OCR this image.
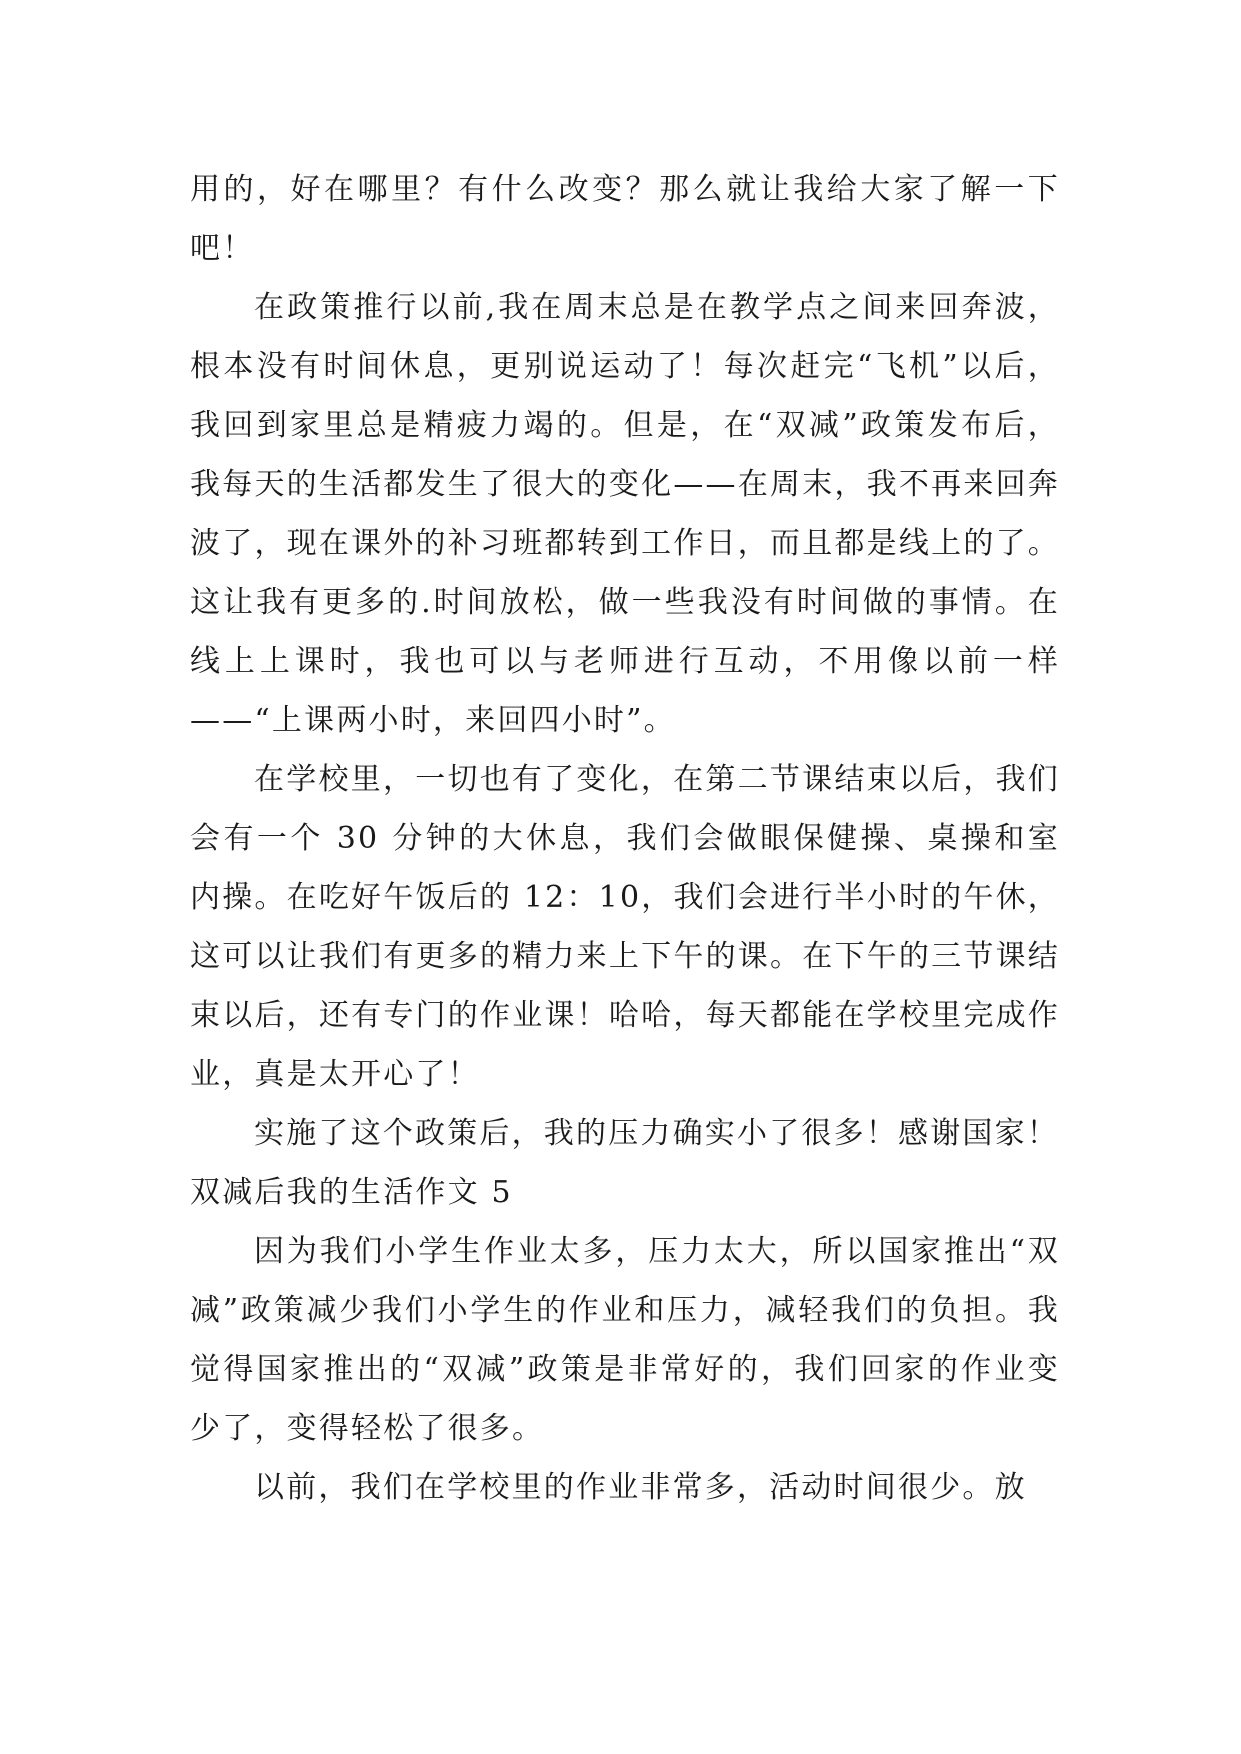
用的，好在哪里？有什么改变？那么就让我给大家了解一下吧！

在政策推行以前,我在周末总是在教学点之间来回奔波，根本没有时间休息，更别说运动了！每次赶完“飞机”以后，我回到家里总是精疲力竭的。但是，在“双减”政策发布后，我每天的生活都发生了很大的变化——在周末，我不再来回奔波了，现在课外的补习班都转到工作日，而且都是线上的了。这让我有更多的.时间放松，做一些我没有时间做的事情。在线上上课时，我也可以与老师进行互动，不用像以前一样——“上课两小时，来回四小时”。

在学校里，一切也有了变化，在第二节课结束以后，我们会有一个 30 分钟的大休息，我们会做眼保健操、桌操和室内操。在吃好午饭后的 12：10，我们会进行半小时的午休，这可以让我们有更多的精力来上下午的课。在下午的三节课结束以后，还有专门的作业课！哈哈，每天都能在学校里完成作业，真是太开心了！

实施了这个政策后，我的压力确实小了很多！感谢国家！

双减后我的生活作文 5

因为我们小学生作业太多，压力太大，所以国家推出“双减”政策减少我们小学生的作业和压力，减轻我们的负担。我觉得国家推出的“双减”政策是非常好的，我们回家的作业变少了，变得轻松了很多。

以前，我们在学校里的作业非常多，活动时间很少。放
